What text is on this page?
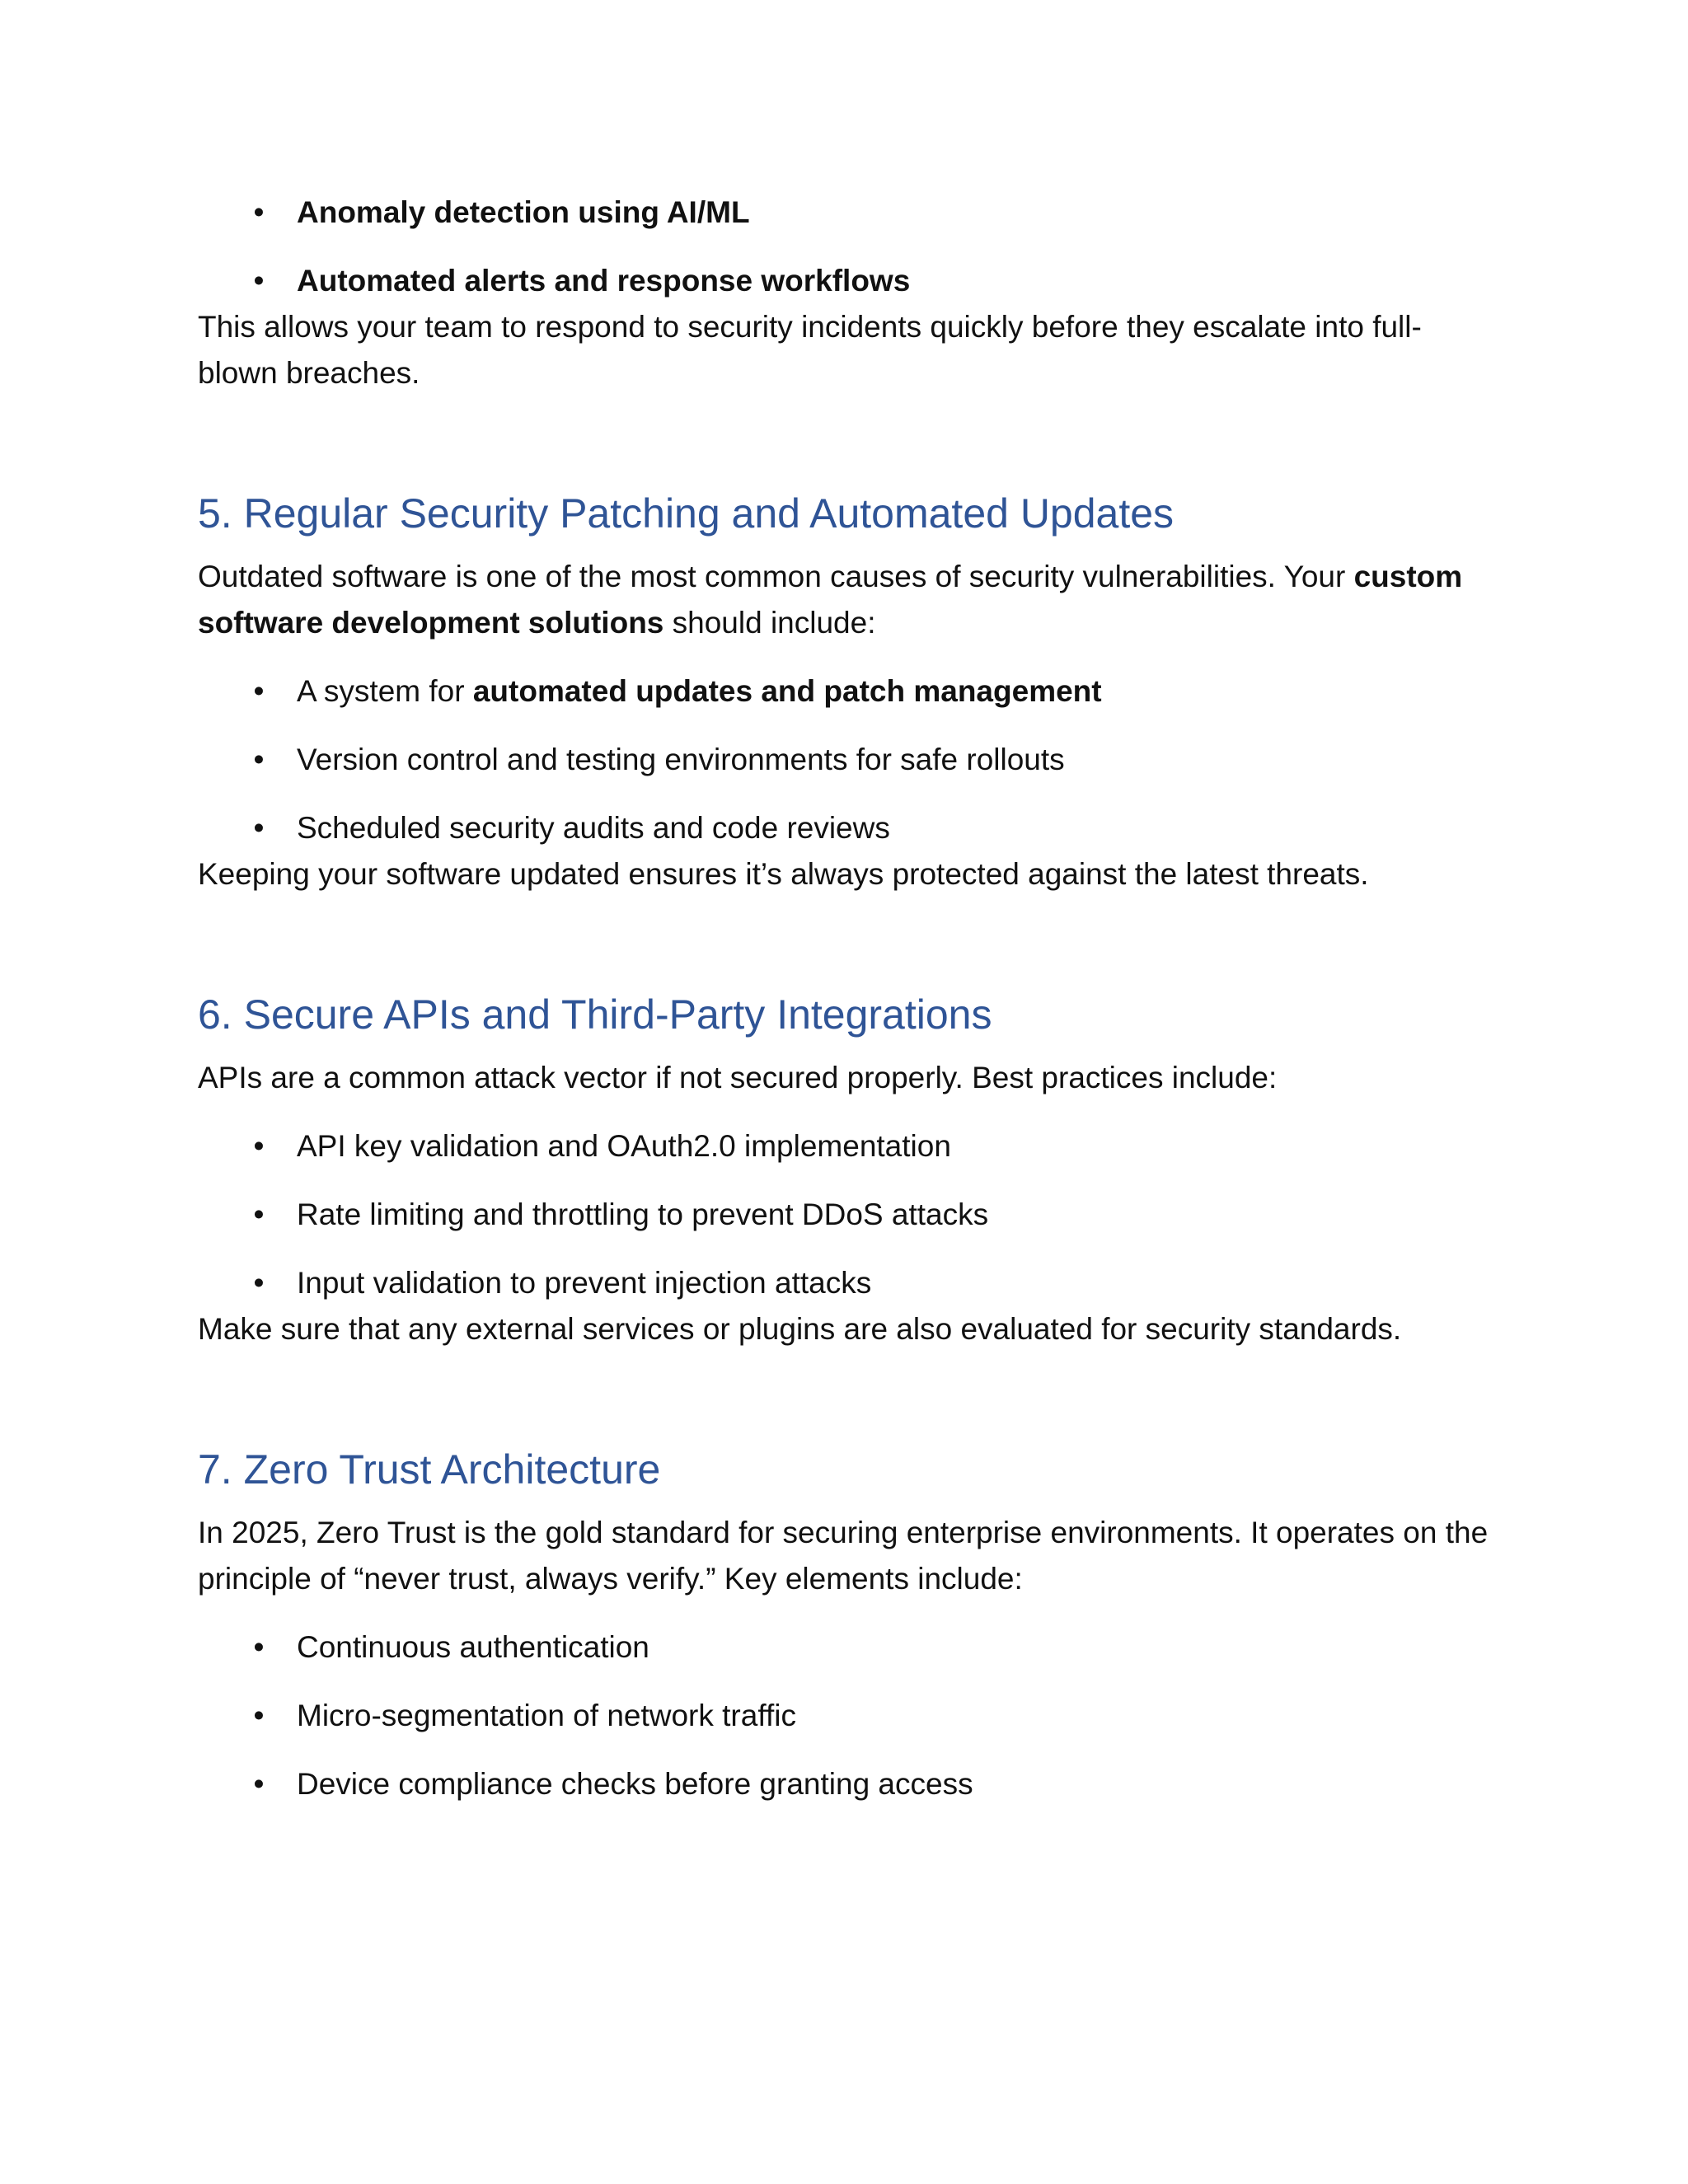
• Anomaly detection using AI/ML
• Automated alerts and response workflows

This allows your team to respond to security incidents quickly before they escalate into full-blown breaches.

5. Regular Security Patching and Automated Updates

Outdated software is one of the most common causes of security vulnerabilities. Your custom software development solutions should include:

• A system for automated updates and patch management
• Version control and testing environments for safe rollouts
• Scheduled security audits and code reviews

Keeping your software updated ensures it’s always protected against the latest threats.

6. Secure APIs and Third-Party Integrations

APIs are a common attack vector if not secured properly. Best practices include:

• API key validation and OAuth2.0 implementation
• Rate limiting and throttling to prevent DDoS attacks
• Input validation to prevent injection attacks

Make sure that any external services or plugins are also evaluated for security standards.

7. Zero Trust Architecture

In 2025, Zero Trust is the gold standard for securing enterprise environments. It operates on the principle of “never trust, always verify.” Key elements include:

• Continuous authentication
• Micro-segmentation of network traffic
• Device compliance checks before granting access
